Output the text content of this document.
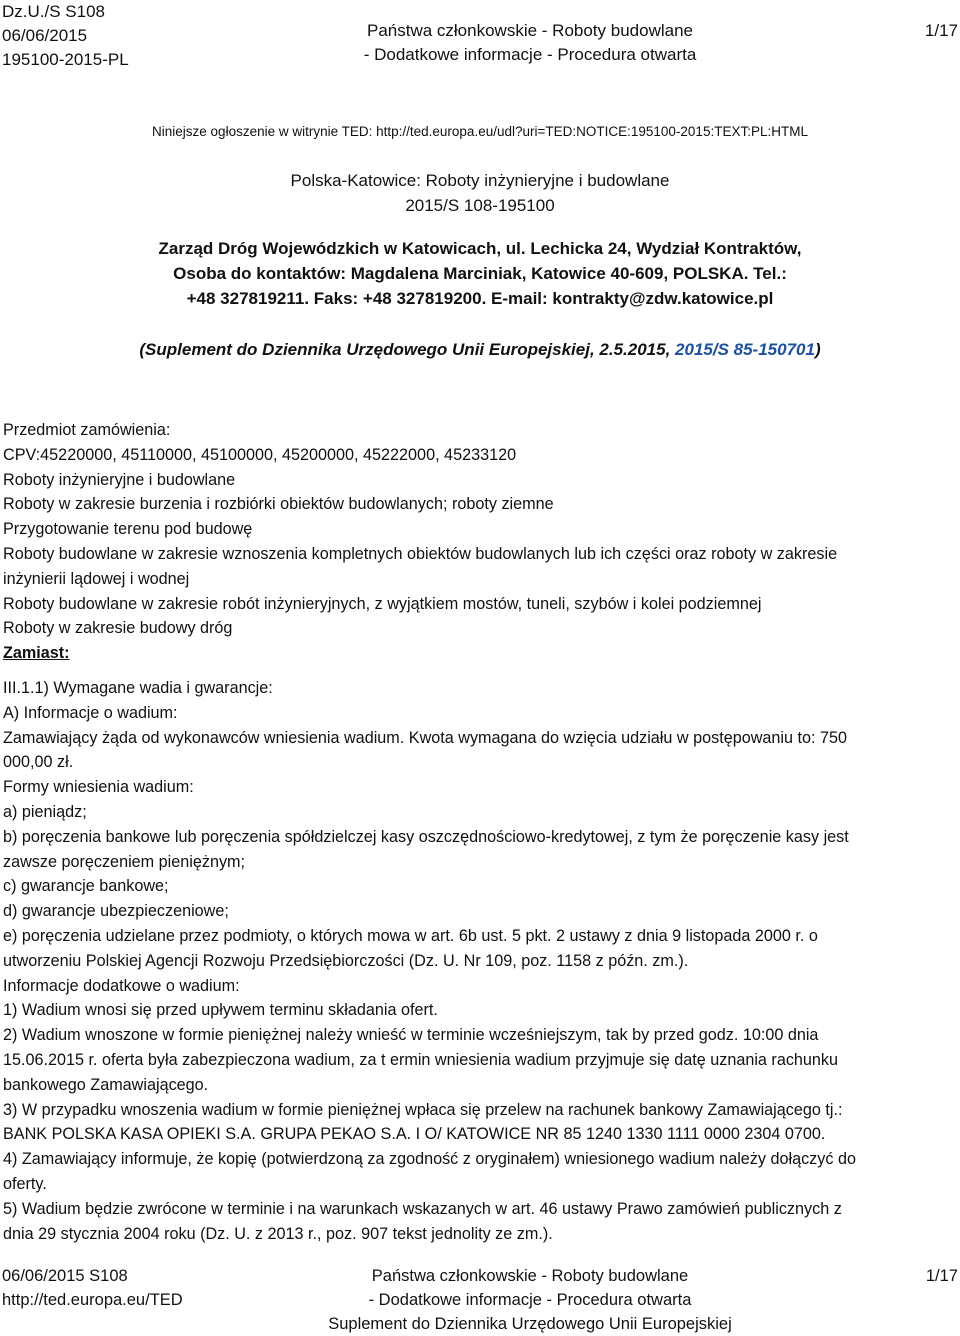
Dz.U./S S108
06/06/2015
195100-2015-PL
Państwa członkowskie - Roboty budowlane
- Dodatkowe informacje - Procedura otwarta
1/17
Niniejsze ogłoszenie w witrynie TED: http://ted.europa.eu/udl?uri=TED:NOTICE:195100-2015:TEXT:PL:HTML
Polska-Katowice: Roboty inżynieryjne i budowlane
2015/S 108-195100
Zarząd Dróg Wojewódzkich w Katowicach, ul. Lechicka 24, Wydział Kontraktów,
Osoba do kontaktów: Magdalena Marciniak, Katowice 40-609, POLSKA. Tel.:
+48 327819211. Faks: +48 327819200. E-mail: kontrakty@zdw.katowice.pl
(Suplement do Dziennika Urzędowego Unii Europejskiej, 2.5.2015, 2015/S 85-150701)

Przedmiot zamówienia:

CPV:45220000, 45110000, 45100000, 45200000, 45222000, 45233120

Roboty inżynieryjne i budowlane

Roboty w zakresie burzenia i rozbiórki obiektów budowlanych; roboty ziemne

Przygotowanie terenu pod budowę

Roboty budowlane w zakresie wznoszenia kompletnych obiektów budowlanych lub ich części oraz roboty w zakresie

inżynierii lądowej i wodnej

Roboty budowlane w zakresie robót inżynieryjnych, z wyjątkiem mostów, tuneli, szybów i kolei podziemnej

Roboty w zakresie budowy dróg

Zamiast:

III.1.1) Wymagane wadia i gwarancje:

A) Informacje o wadium:

Zamawiający żąda od wykonawców wniesienia wadium. Kwota wymagana do wzięcia udziału w postępowaniu to: 750

000,00 zł.

Formy wniesienia wadium:

a) pieniądz;

b) poręczenia bankowe lub poręczenia spółdzielczej kasy oszczędnościowo-kredytowej, z tym że poręczenie kasy jest

zawsze poręczeniem pieniężnym;

c) gwarancje bankowe;

d) gwarancje ubezpieczeniowe;

e) poręczenia udzielane przez podmioty, o których mowa w art. 6b ust. 5 pkt. 2 ustawy z dnia 9 listopada 2000 r. o

utworzeniu Polskiej Agencji Rozwoju Przedsiębiorczości (Dz. U. Nr 109, poz. 1158 z późn. zm.).

Informacje dodatkowe o wadium:

1) Wadium wnosi się przed upływem terminu składania ofert.

2) Wadium wnoszone w formie pieniężnej należy wnieść w terminie wcześniejszym, tak by przed godz. 10:00 dnia

15.06.2015 r. oferta była zabezpieczona wadium, za t ermin wniesienia wadium przyjmuje się datę uznania rachunku

bankowego Zamawiającego.

3) W przypadku wnoszenia wadium w formie pieniężnej wpłaca się przelew na rachunek bankowy Zamawiającego tj.:

BANK POLSKA KASA OPIEKI S.A. GRUPA PEKAO S.A. I O/ KATOWICE NR 85 1240 1330 1111 0000 2304 0700.

4) Zamawiający informuje, że kopię (potwierdzoną za zgodność z oryginałem) wniesionego wadium należy dołączyć do

oferty.

5) Wadium będzie zwrócone w terminie i na warunkach wskazanych w art. 46 ustawy Prawo zamówień publicznych z

dnia 29 stycznia 2004 roku (Dz. U. z 2013 r., poz. 907 tekst jednolity ze zm.).

06/06/2015 S108
http://ted.europa.eu/TED
Państwa członkowskie - Roboty budowlane
- Dodatkowe informacje - Procedura otwarta
Suplement do Dziennika Urzędowego Unii Europejskiej
1/17
